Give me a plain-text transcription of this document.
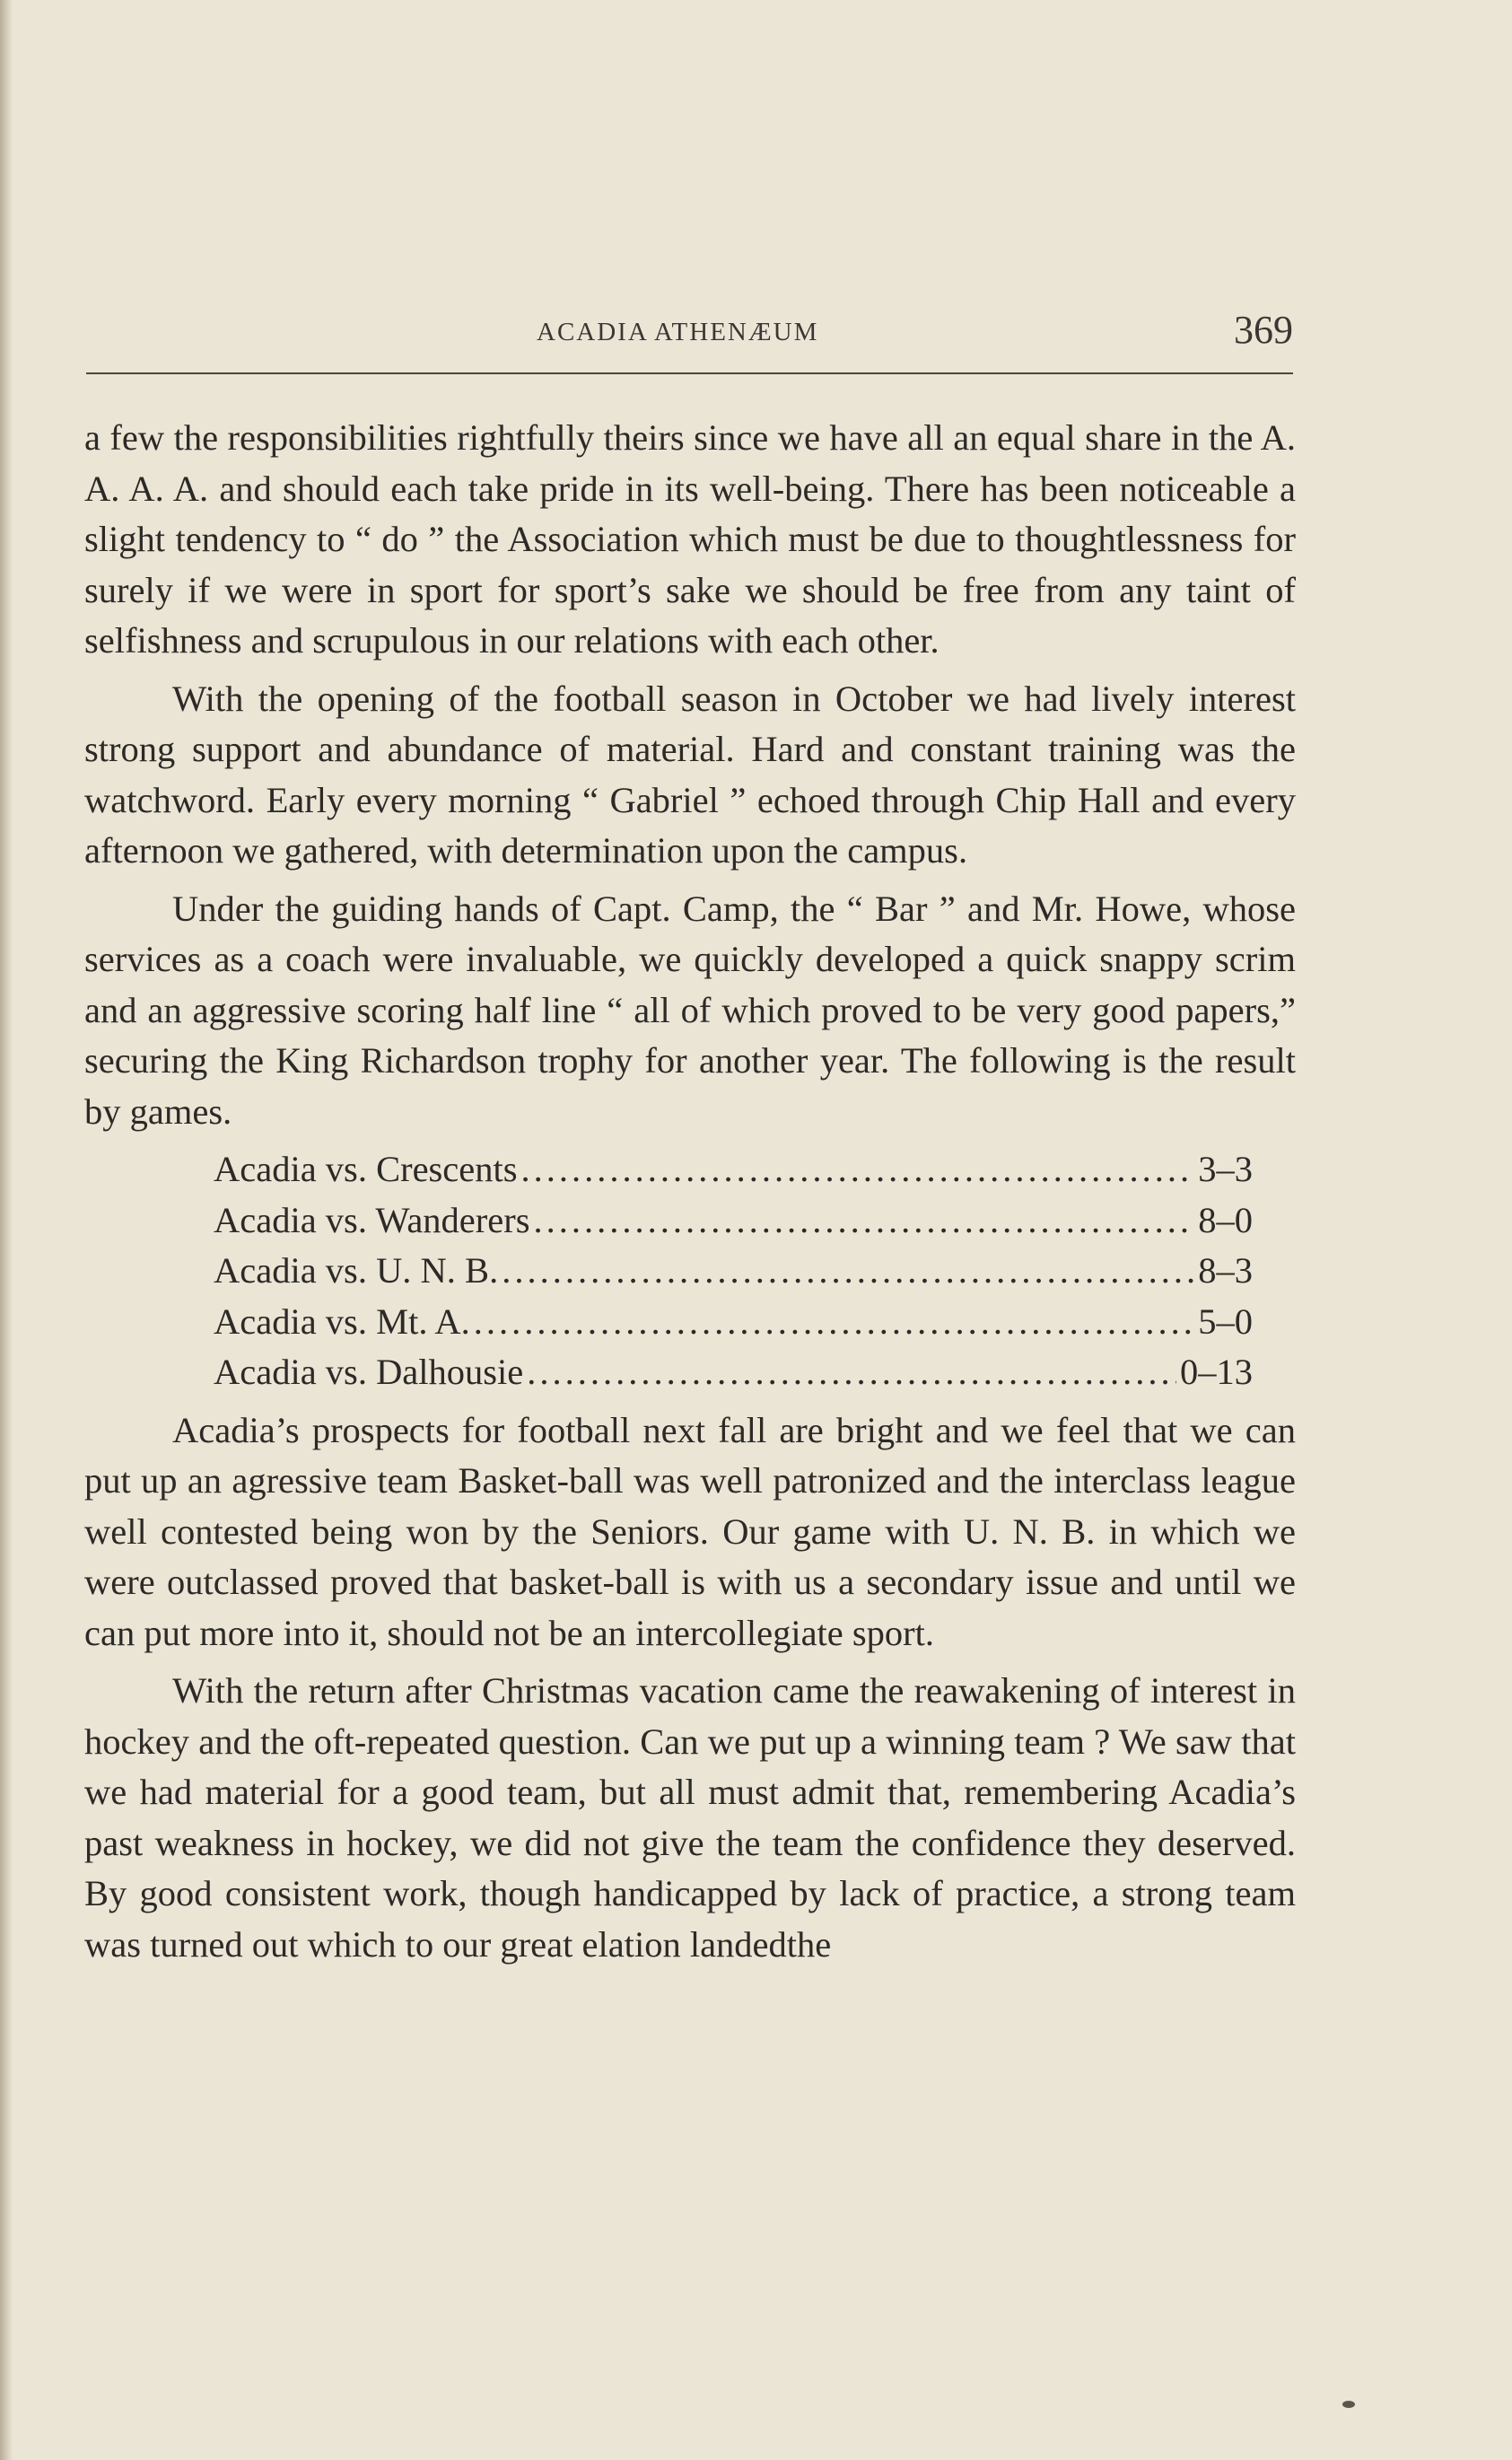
ACADIA ATHENÆUM	369

a few the responsibilities rightfully theirs since we have all an equal share in the A. A. A. A. and should each take pride in its well-being. There has been noticeable a slight tendency to “ do ” the Association which must be due to thoughtlessness for surely if we were in sport for sport’s sake we should be free from any taint of selfishness and scrupulous in our relations with each other.

With the opening of the football season in October we had lively interest strong support and abundance of material. Hard and constant training was the watchword. Early every morning “ Gabriel ” echoed through Chip Hall and every afternoon we gathered, with determination upon the campus.

Under the guiding hands of Capt. Camp, the “ Bar ” and Mr. Howe, whose services as a coach were invaluable, we quickly developed a quick snappy scrim and an aggressive scoring half line “ all of which proved to be very good papers,” securing the King Richardson trophy for another year. The following is the result by games.

Acadia vs. Crescents .....	3–3
Acadia vs. Wanderers .....	8–0
Acadia vs. U. N. B. .....	8–3
Acadia vs. Mt. A. .....	5–0
Acadia vs. Dalhousie .....	0–13

Acadia’s prospects for football next fall are bright and we feel that we can put up an agressive team Basket-ball was well patronized and the interclass league well contested being won by the Seniors. Our game with U. N. B. in which we were outclassed proved that basket-ball is with us a secondary issue and until we can put more into it, should not be an intercollegiate sport.

With the return after Christmas vacation came the reawakening of interest in hockey and the oft-repeated question. Can we put up a winning team ? We saw that we had material for a good team, but all must admit that, remembering Acadia’s past weakness in hockey, we did not give the team the confidence they deserved. By good consistent work, though handicapped by lack of practice, a strong team was turned out which to our great elation landedthe
